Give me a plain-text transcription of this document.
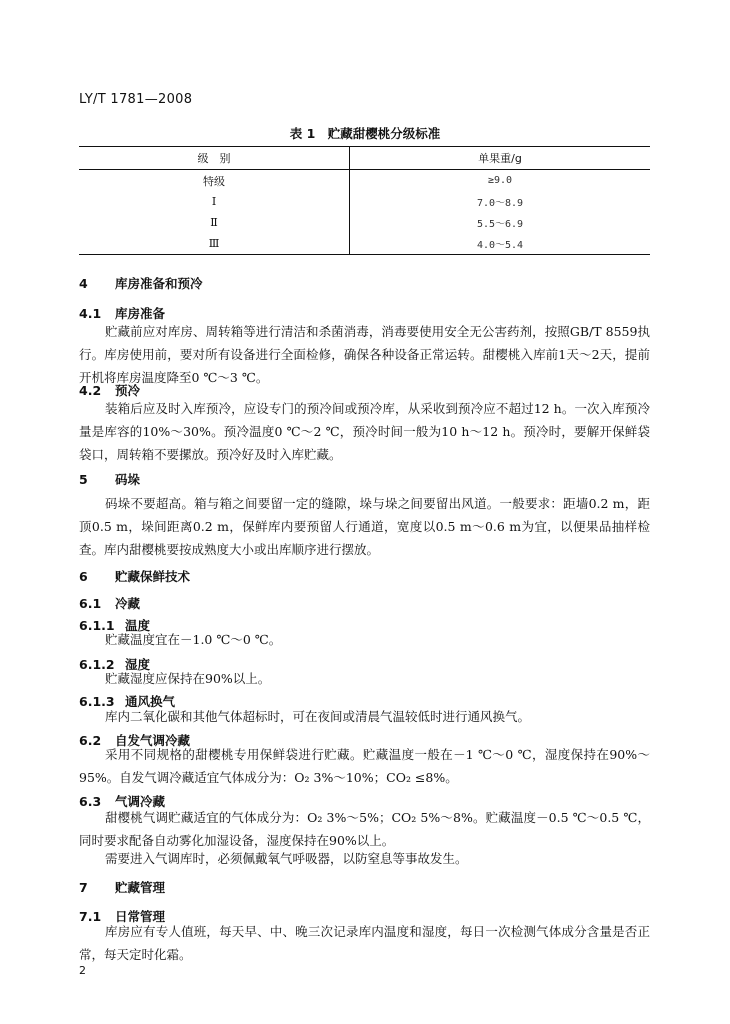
LY/T 1781—2008
表 1　贮藏甜樱桃分级标准
级　别	单果重/g
特级	≥9.0
Ⅰ	7.0～8.9
Ⅱ	5.5～6.9
Ⅲ	4.0～5.4
4 库房准备和预冷
4.1 库房准备
贮藏前应对库房、周转箱等进行清洁和杀菌消毒，消毒要使用安全无公害药剂，按照GB/T 8559执行。库房使用前，要对所有设备进行全面检修，确保各种设备正常运转。甜樱桃入库前1天～2天，提前开机将库房温度降至0 ℃～3 ℃。
4.2 预冷
装箱后应及时入库预冷，应设专门的预冷间或预冷库，从采收到预冷应不超过12 h。一次入库预冷量是库容的10%～30%。预冷温度0 ℃～2 ℃，预冷时间一般为10 h～12 h。预冷时，要解开保鲜袋袋口，周转箱不要摞放。预冷好及时入库贮藏。
5 码垛
码垛不要超高。箱与箱之间要留一定的缝隙，垛与垛之间要留出风道。一般要求：距墙0.2 m，距顶0.5 m，垛间距离0.2 m，保鲜库内要预留人行通道，宽度以0.5 m～0.6 m为宜，以便果品抽样检查。库内甜樱桃要按成熟度大小或出库顺序进行摆放。
6 贮藏保鲜技术
6.1 冷藏
6.1.1 温度
贮藏温度宜在－1.0 ℃～0 ℃。
6.1.2 湿度
贮藏湿度应保持在90%以上。
6.1.3 通风换气
库内二氧化碳和其他气体超标时，可在夜间或清晨气温较低时进行通风换气。
6.2 自发气调冷藏
采用不同规格的甜樱桃专用保鲜袋进行贮藏。贮藏温度一般在－1 ℃～0 ℃，湿度保持在90%～95%。自发气调冷藏适宜气体成分为：O₂ 3%～10%；CO₂ ≤8%。
6.3 气调冷藏
甜樱桃气调贮藏适宜的气体成分为：O₂ 3%～5%；CO₂ 5%～8%。贮藏温度－0.5 ℃～0.5 ℃，同时要求配备自动雾化加湿设备，湿度保持在90%以上。
需要进入气调库时，必须佩戴氧气呼吸器，以防窒息等事故发生。
7 贮藏管理
7.1 日常管理
库房应有专人值班，每天早、中、晚三次记录库内温度和湿度，每日一次检测气体成分含量是否正常，每天定时化霜。
2
